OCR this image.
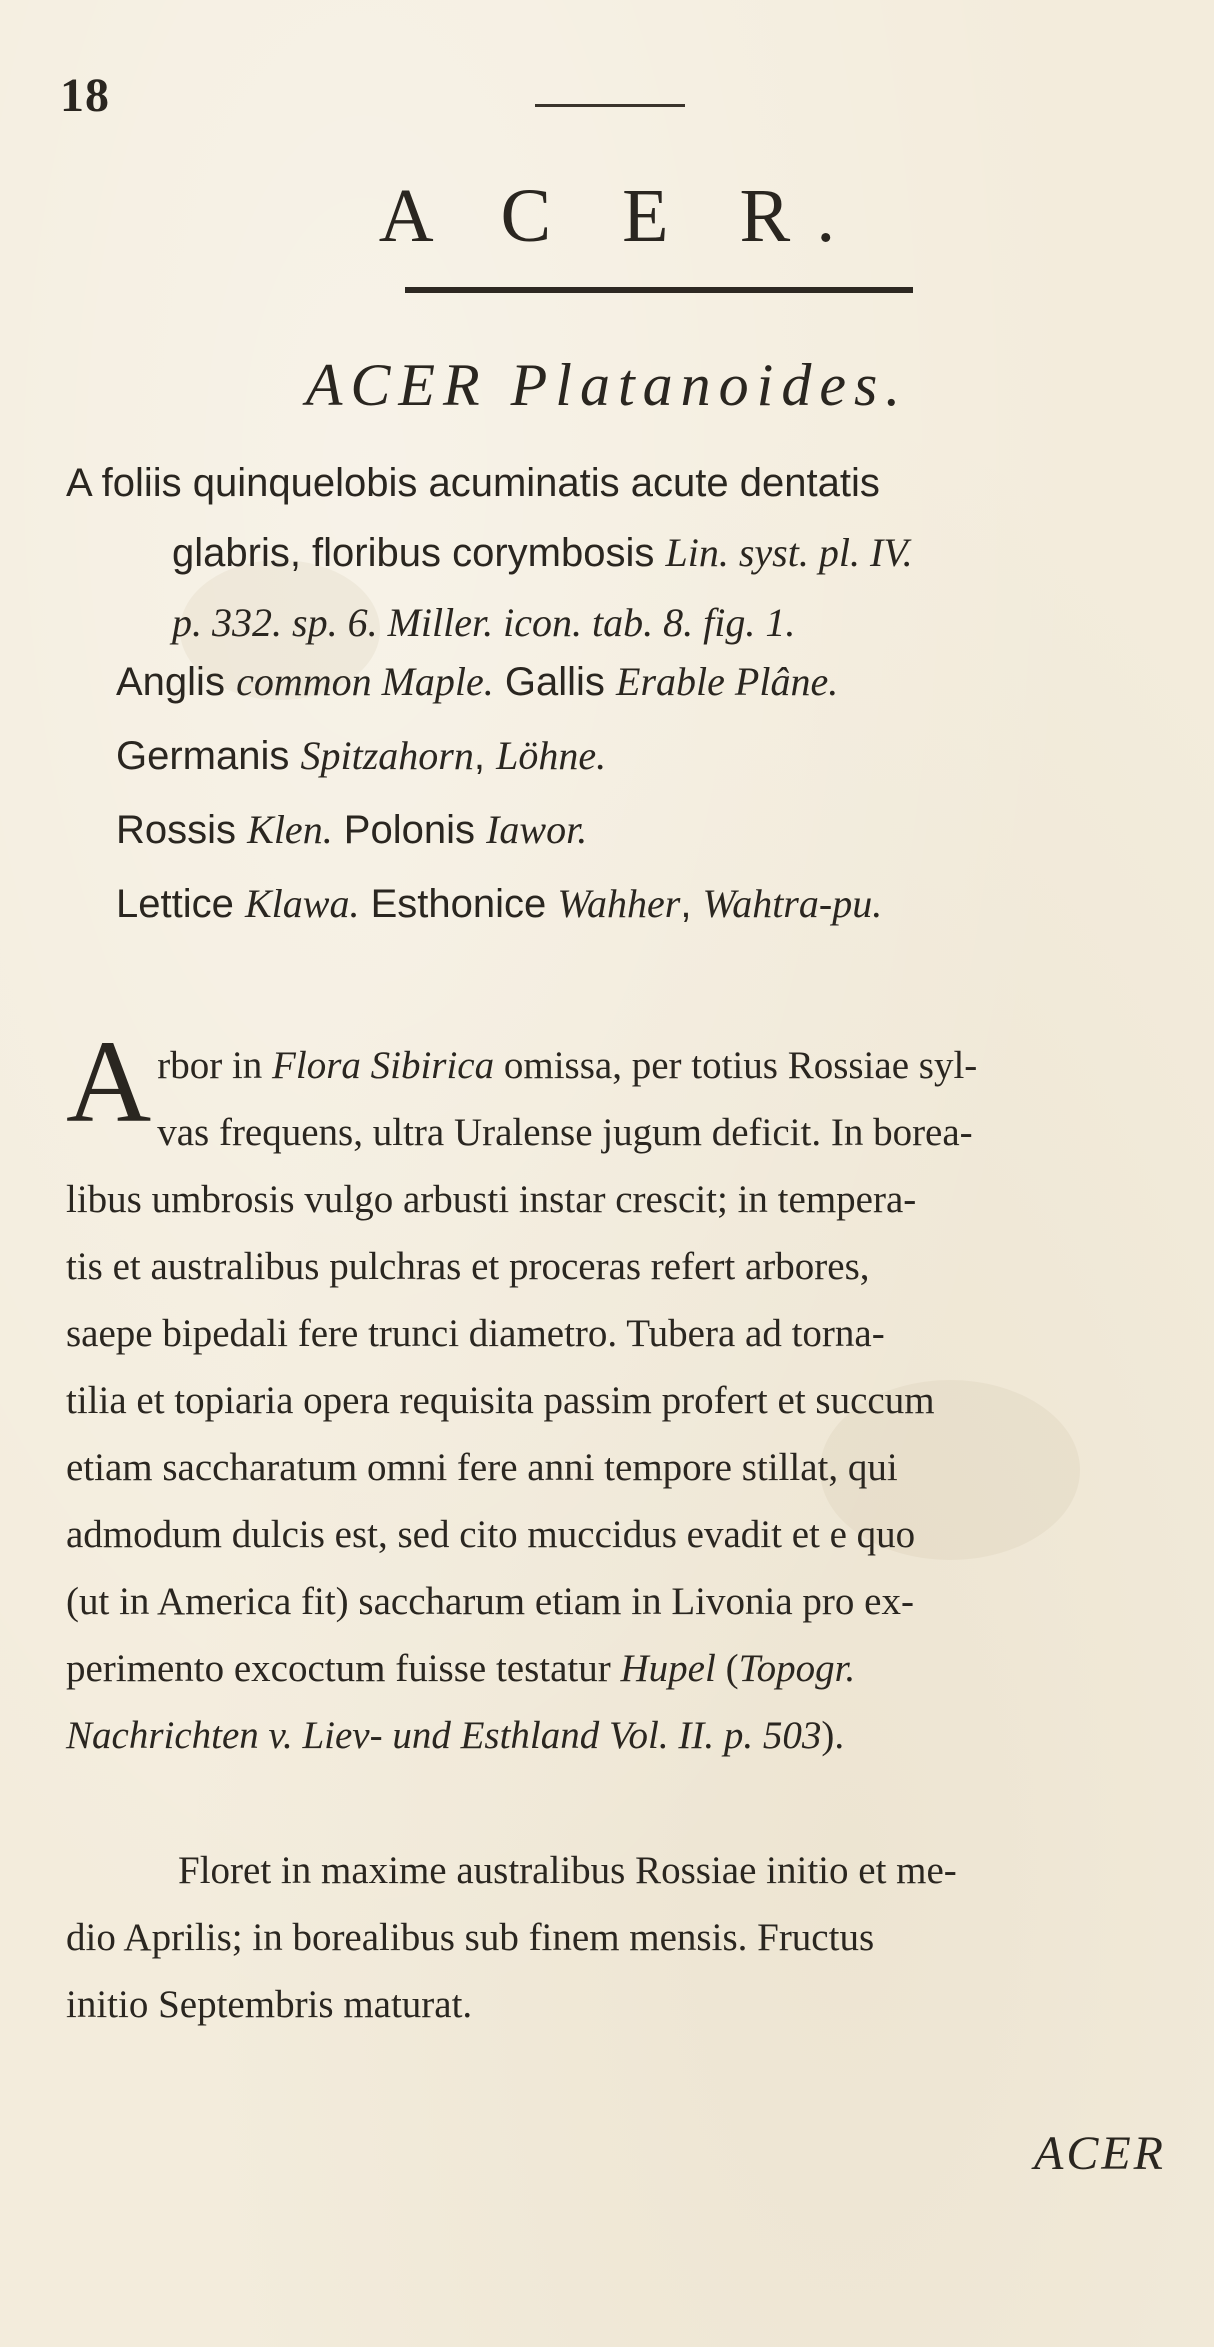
18
A C E R.
ACER Platanoides.
A foliis quinquelobis acuminatis acute dentatis
glabris, floribus corymbosis Lin. syst. pl. IV.
p. 332. sp. 6. Miller. icon. tab. 8. fig. 1.
Anglis common Maple. Gallis Erable Plâne.
Germanis Spitzahorn, Löhne.
Rossis Klen. Polonis Iawor.
Lettice Klawa. Esthonice Wahher, Wahtra-pu.
A rbor in Flora Sibirica omissa, per totius Rossiae syl-
vas frequens, ultra Uralense jugum deficit. In borea-
libus umbrosis vulgo arbusti instar crescit; in tempera-
tis et australibus pulchras et proceras refert arbores,
saepe bipedali fere trunci diametro. Tubera ad torna-
tilia et topiaria opera requisita passim profert et succum
etiam saccharatum omni fere anni tempore stillat, qui
admodum dulcis est, sed cito muccidus evadit et e quo
(ut in America fit) saccharum etiam in Livonia pro ex-
perimento excoctum fuisse testatur Hupel (Topogr.
Nachrichten v. Liev- und Esthland Vol. II. p. 503).
Floret in maxime australibus Rossiae initio et me-
dio Aprilis; in borealibus sub finem mensis. Fructus
initio Septembris maturat.
ACER
